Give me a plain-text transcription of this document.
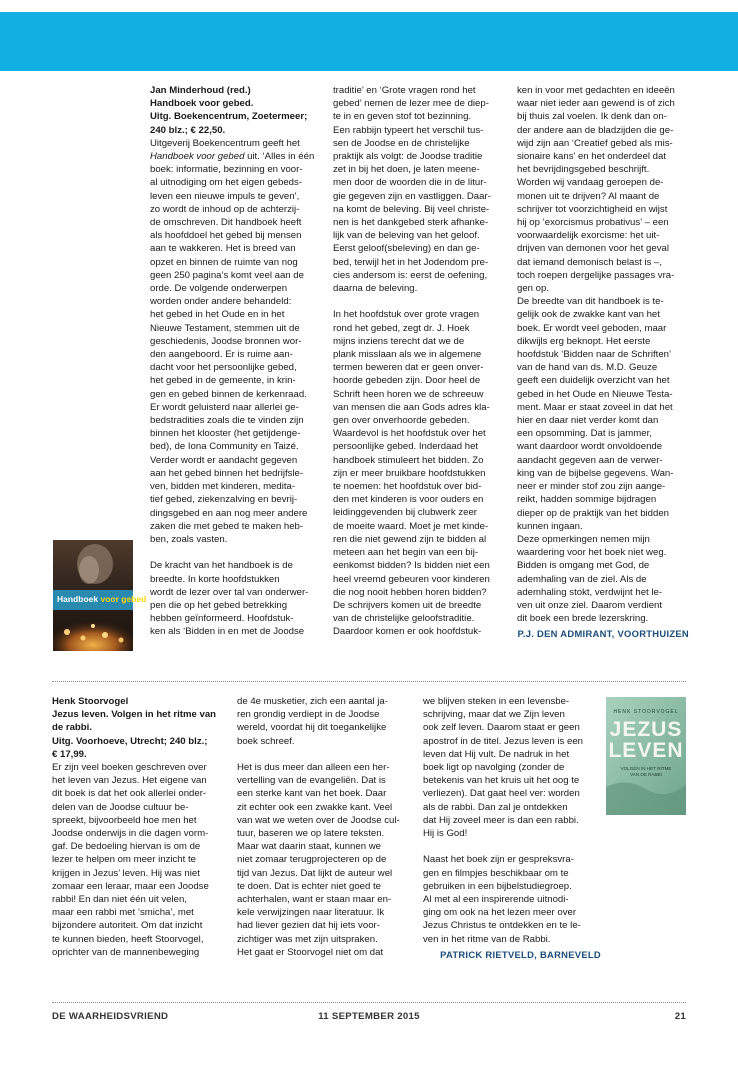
Handboek voor gebed

Jan Minderhoud (red.)

Handboek voor gebed.

Uitg. Boekencentrum, Zoetermeer;

240 blz.; € 22,50.

Uitgeverij Boekencentrum geeft het

Handboek voor gebed uit. ‘Alles in één

boek: informatie, bezinning en voor-

al uitnodiging om het eigen gebeds-

leven een nieuwe impuls te geven’,

zo wordt de inhoud op de achterzij-

de omschreven. Dit handboek heeft

als hoofddoel het gebed bij mensen

aan te wakkeren. Het is breed van

opzet en binnen de ruimte van nog

geen 250 pagina’s komt veel aan de

orde. De volgende onderwerpen

worden onder andere behandeld:

het gebed in het Oude en in het

Nieuwe Testament, stemmen uit de

geschiedenis, Joodse bronnen wor-

den aangeboord. Er is ruime aan-

dacht voor het persoonlijke gebed,

het gebed in de gemeente, in krin-

gen en gebed binnen de kerkenraad.

Er wordt geluisterd naar allerlei ge-

bedstradities zoals die te vinden zijn

binnen het klooster (het getijdenge-

bed), de Iona Community en Taizé.

Verder wordt er aandacht gegeven

aan het gebed binnen het bedrijfsle-

ven, bidden met kinderen, medita-

tief gebed, ziekenzalving en bevrij-

dingsgebed en aan nog meer andere

zaken die met gebed te maken heb-

ben, zoals vasten.

De kracht van het handboek is de

breedte. In korte hoofdstukken

wordt de lezer over tal van onderwer-

pen die op het gebed betrekking

hebben geïnformeerd. Hoofdstuk-

ken als ‘Bidden in en met de Joodse

traditie’ en ‘Grote vragen rond het

gebed’ nemen de lezer mee de diep-

te in en geven stof tot bezinning.

Een rabbijn typeert het verschil tus-

sen de Joodse en de christelijke

praktijk als volgt: de Joodse traditie

zet in bij het doen, je laten meene-

men door de woorden die in de litur-

gie gegeven zijn en vastliggen. Daar-

na komt de beleving. Bij veel christe-

nen is het dankgebed sterk afhanke-

lijk van de beleving van het geloof.

Eerst geloof(sbeleving) en dan ge-

bed, terwijl het in het Jodendom pre-

cies andersom is: eerst de oefening,

daarna de beleving.

In het hoofdstuk over grote vragen

rond het gebed, zegt dr. J. Hoek

mijns inziens terecht dat we de

plank misslaan als we in algemene

termen beweren dat er geen onver-

hoorde gebeden zijn. Door heel de

Schrift heen horen we de schreeuw

van mensen die aan Gods adres kla-

gen over onverhoorde gebeden.

Waardevol is het hoofdstuk over het

persoonlijke gebed. Inderdaad het

handboek stimuleert het bidden. Zo

zijn er meer bruikbare hoofdstukken

te noemen: het hoofdstuk over bid-

den met kinderen is voor ouders en

leidinggevenden bij clubwerk zeer

de moeite waard. Moet je met kinde-

ren die niet gewend zijn te bidden al

meteen aan het begin van een bij-

eenkomst bidden? Is bidden niet een

heel vreemd gebeuren voor kinderen

die nog nooit hebben horen bidden?

De schrijvers komen uit de breedte

van de christelijke geloofstraditie.

Daardoor komen er ook hoofdstuk-

ken in voor met gedachten en ideeën

waar niet ieder aan gewend is of zich

bij thuis zal voelen. Ik denk dan on-

der andere aan de bladzijden die ge-

wijd zijn aan ‘Creatief gebed als mis-

sionaire kans’ en het onderdeel dat

het bevrijdingsgebed beschrijft.

Worden wij vandaag geroepen de-

monen uit te drijven? Al maant de

schrijver tot voorzichtigheid en wijst

hij op ‘exorcismus probativus’ – een

voorwaardelijk exorcisme: het uit-

drijven van demonen voor het geval

dat iemand demonisch belast is –,

toch roepen dergelijke passages vra-

gen op.

De breedte van dit handboek is te-

gelijk ook de zwakke kant van het

boek. Er wordt veel geboden, maar

dikwijls erg beknopt. Het eerste

hoofdstuk ‘Bidden naar de Schriften’

van de hand van ds. M.D. Geuze

geeft een duidelijk overzicht van het

gebed in het Oude en Nieuwe Testa-

ment. Maar er staat zoveel in dat het

hier en daar niet verder komt dan

een opsomming. Dat is jammer,

want daardoor wordt onvoldoende

aandacht gegeven aan de verwer-

king van de bijbelse gegevens. Wan-

neer er minder stof zou zijn aange-

reikt, hadden sommige bijdragen

dieper op de praktijk van het bidden

kunnen ingaan.

Deze opmerkingen nemen mijn

waardering voor het boek niet weg.

Bidden is omgang met God, de

ademhaling van de ziel. Als de

ademhaling stokt, verdwijnt het le-

ven uit onze ziel. Daarom verdient

dit boek een brede lezerskring.

P.J. DEN ADMIRANT, VOORTHUIZEN

Henk Stoorvogel

Jezus leven. Volgen in het ritme van

de rabbi.

Uitg. Voorhoeve, Utrecht; 240 blz.;

€ 17,99.

Er zijn veel boeken geschreven over

het leven van Jezus. Het eigene van

dit boek is dat het ook allerlei onder-

delen van de Joodse cultuur be-

spreekt, bijvoorbeeld hoe men het

Joodse onderwijs in die dagen vorm-

gaf. De bedoeling hiervan is om de

lezer te helpen om meer inzicht te

krijgen in Jezus’ leven. Hij was niet

zomaar een leraar, maar een Joodse

rabbi! En dan niet één uit velen,

maar een rabbi met ‘smicha’, met

bijzondere autoriteit. Om dat inzicht

te kunnen bieden, heeft Stoorvogel,

oprichter van de mannenbeweging

de 4e musketier, zich een aantal ja-

ren grondig verdiept in de Joodse

wereld, voordat hij dit toegankelijke

boek schreef.

Het is dus meer dan alleen een her-

vertelling van de evangeliën. Dat is

een sterke kant van het boek. Daar

zit echter ook een zwakke kant. Veel

van wat we weten over de Joodse cul-

tuur, baseren we op latere teksten.

Maar wat daarin staat, kunnen we

niet zomaar terugprojecteren op de

tijd van Jezus. Dat lijkt de auteur wel

te doen. Dat is echter niet goed te

achterhalen, want er staan maar en-

kele verwijzingen naar literatuur. Ik

had liever gezien dat hij iets voor-

zichtiger was met zijn uitspraken.

Het gaat er Stoorvogel niet om dat

we blijven steken in een levensbe-

schrijving, maar dat we Zijn leven

ook zelf leven. Daarom staat er geen

apostrof in de titel. Jezus leven is een

leven dat Hij vult. De nadruk in het

boek ligt op navolging (zonder de

betekenis van het kruis uit het oog te

verliezen). Dat gaat heel ver: worden

als de rabbi. Dan zal je ontdekken

dat Hij zoveel meer is dan een rabbi.

Hij is God!

Naast het boek zijn er gespreksvra-

gen en filmpjes beschikbaar om te

gebruiken in een bijbelstudiegroep.

Al met al een inspirerende uitnodi-

ging om ook na het lezen meer over

Jezus Christus te ontdekken en te le-

ven in het ritme van de Rabbi.

PATRICK RIETVELD, BARNEVELD
HENK STOORVOGEL
JEZUS
LEVEN
VOLGEN IN HET RITME
VAN DE RABBI
DE WAARHEIDSVRIEND	11 SEPTEMBER 2015	21
